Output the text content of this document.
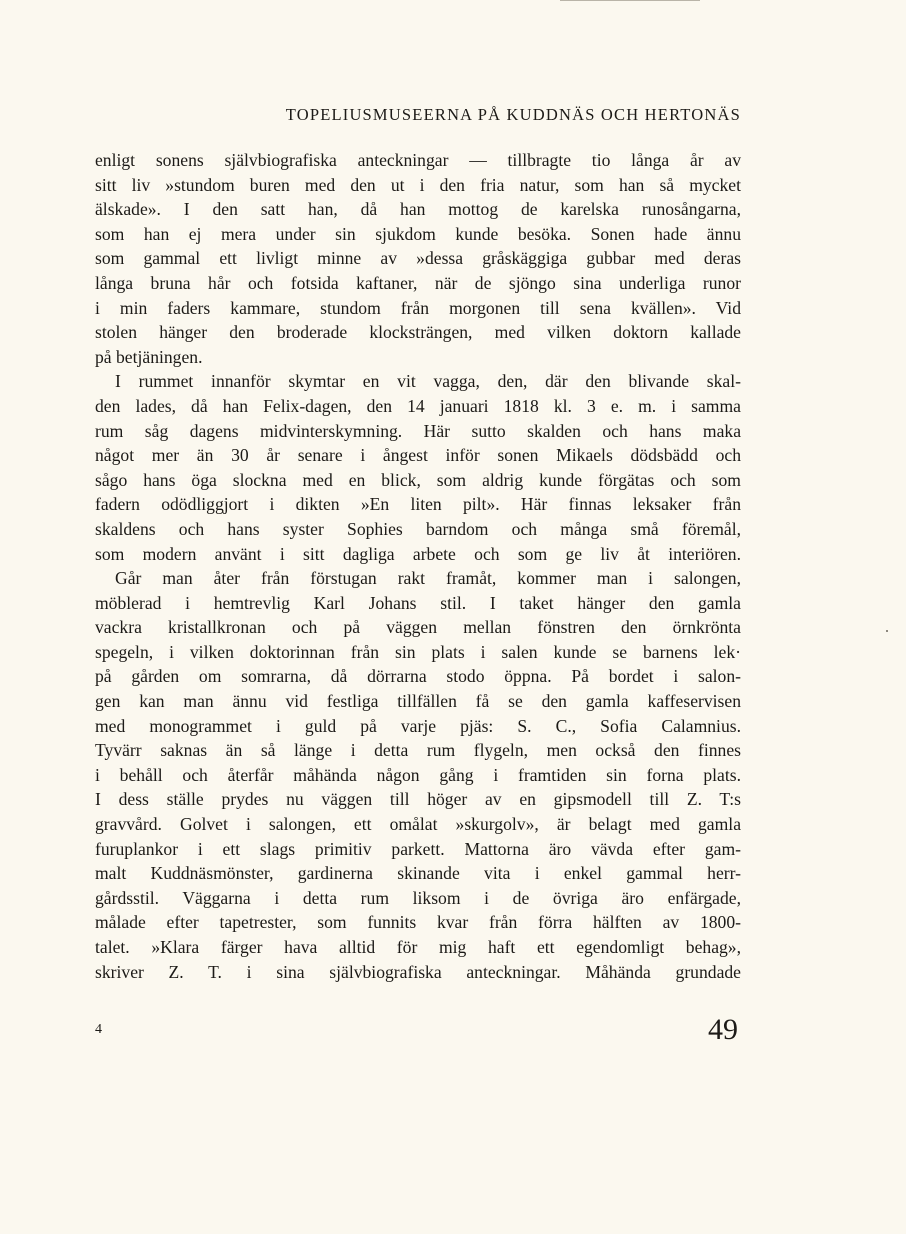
TOPELIUSMUSEERNA PÅ KUDDNÄS OCH HERTONÄS
enligt sonens självbiografiska anteckningar — tillbragte tio långa år av
sitt liv »stundom buren med den ut i den fria natur, som han så mycket
älskade». I den satt han, då han mottog de karelska runosångarna,
som han ej mera under sin sjukdom kunde besöka. Sonen hade ännu
som gammal ett livligt minne av »dessa gråskäggiga gubbar med deras
långa bruna hår och fotsida kaftaner, när de sjöngo sina underliga runor
i min faders kammare, stundom från morgonen till sena kvällen». Vid
stolen hänger den broderade klocksträngen, med vilken doktorn kallade
på betjäningen.
I rummet innanför skymtar en vit vagga, den, där den blivande skal-
den lades, då han Felix-dagen, den 14 januari 1818 kl. 3 e. m. i samma
rum såg dagens midvinterskymning. Här sutto skalden och hans maka
något mer än 30 år senare i ångest inför sonen Mikaels dödsbädd och
sågo hans öga slockna med en blick, som aldrig kunde förgätas och som
fadern odödliggjort i dikten »En liten pilt». Här finnas leksaker från
skaldens och hans syster Sophies barndom och många små föremål,
som modern använt i sitt dagliga arbete och som ge liv åt interiören.
Går man åter från förstugan rakt framåt, kommer man i salongen,
möblerad i hemtrevlig Karl Johans stil. I taket hänger den gamla
vackra kristallkronan och på väggen mellan fönstren den örnkrönta
spegeln, i vilken doktorinnan från sin plats i salen kunde se barnens lek·
på gården om somrarna, då dörrarna stodo öppna. På bordet i salon-
gen kan man ännu vid festliga tillfällen få se den gamla kaffeservisen
med monogrammet i guld på varje pjäs: S. C., Sofia Calamnius.
Tyvärr saknas än så länge i detta rum flygeln, men också den finnes
i behåll och återfår måhända någon gång i framtiden sin forna plats.
I dess ställe prydes nu väggen till höger av en gipsmodell till Z. T:s
gravvård. Golvet i salongen, ett omålat »skurgolv», är belagt med gamla
furuplankor i ett slags primitiv parkett. Mattorna äro vävda efter gam-
malt Kuddnäsmönster, gardinerna skinande vita i enkel gammal herr-
gårdsstil. Väggarna i detta rum liksom i de övriga äro enfärgade,
målade efter tapetrester, som funnits kvar från förra hälften av 1800-
talet. »Klara färger hava alltid för mig haft ett egendomligt behag»,
skriver Z. T. i sina självbiografiska anteckningar. Måhända grundade
4	49
